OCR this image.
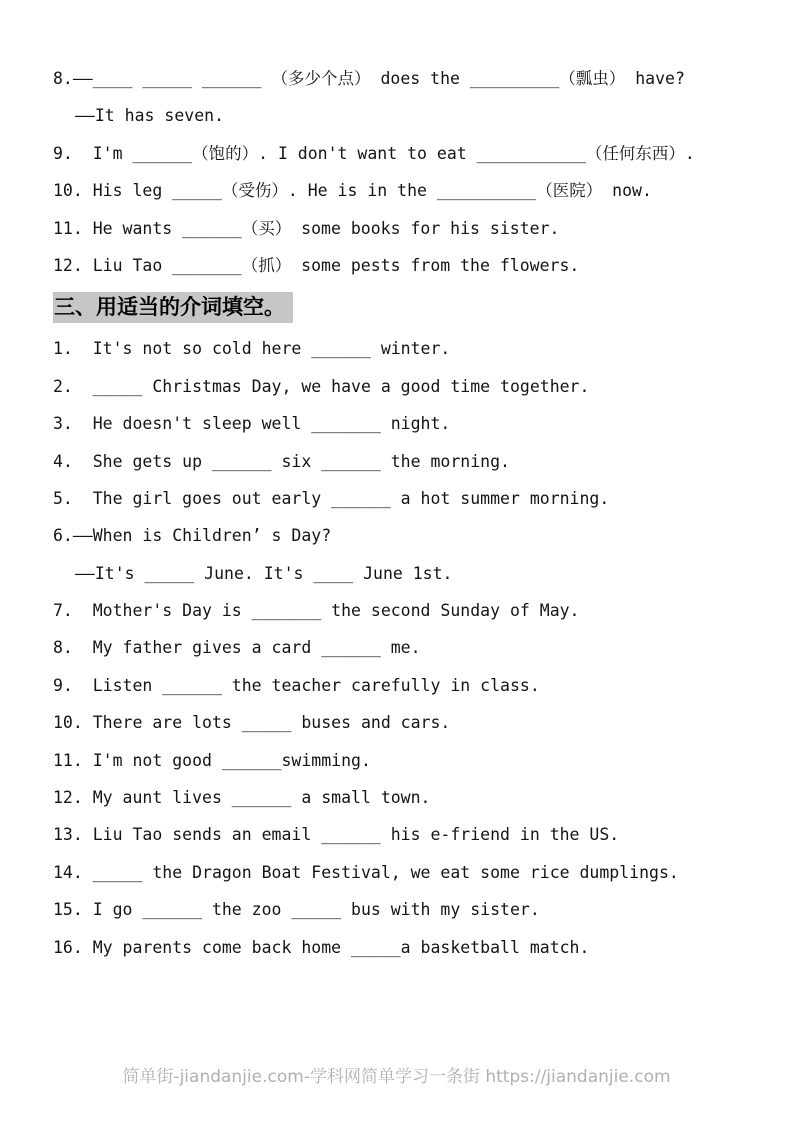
8.——____ _____ ______ （多少个点） does the _________（瓢虫） have?
——It has seven.
9.  I'm ______（饱的）. I don't want to eat ___________（任何东西）.
10. His leg _____（受伤）. He is in the __________（医院） now.
11. He wants ______（买） some books for his sister.
12. Liu Tao _______（抓） some pests from the flowers.
三、用适当的介词填空。
1.  It's not so cold here ______ winter.
2.  _____ Christmas Day, we have a good time together.
3.  He doesn't sleep well _______ night.
4.  She gets up ______ six ______ the morning.
5.  The girl goes out early ______ a hot summer morning.
6.——When is Children’ s Day?
——It's _____ June. It's ____ June 1st.
7.  Mother's Day is _______ the second Sunday of May.
8.  My father gives a card ______ me.
9.  Listen ______ the teacher carefully in class.
10. There are lots _____ buses and cars.
11. I'm not good ______swimming.
12. My aunt lives ______ a small town.
13. Liu Tao sends an email ______ his e-friend in the US.
14. _____ the Dragon Boat Festival, we eat some rice dumplings.
15. I go ______ the zoo _____ bus with my sister.
16. My parents come back home _____a basketball match.
简单街-jiandanjie.com-学科网简单学习一条街 https://jiandanjie.com
